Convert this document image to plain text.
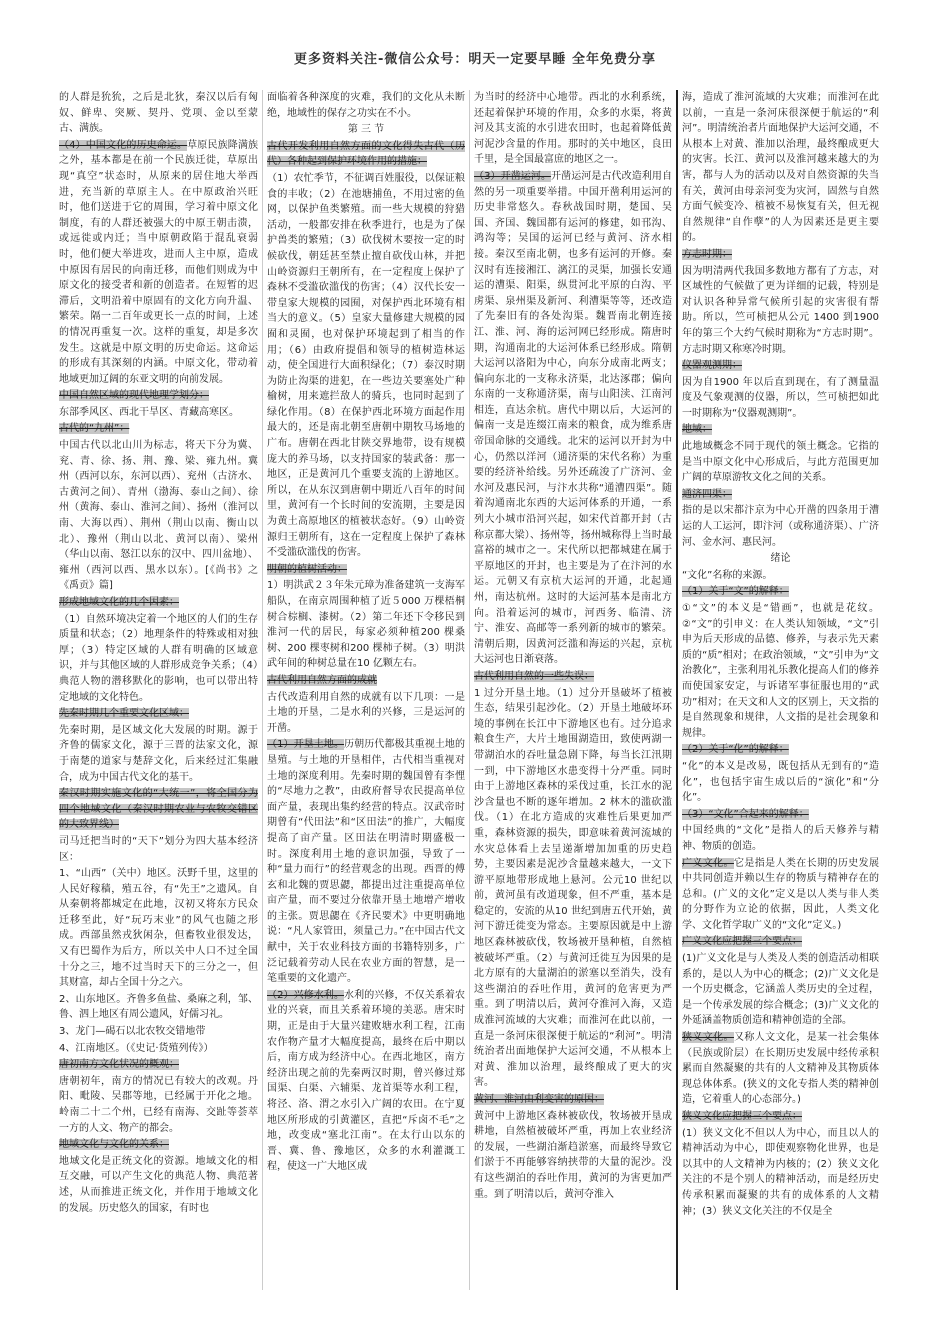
更多资料关注-微信公众号：明天一定要早睡 全年免费分享

的人群是狁狁，之后是北狄，秦汉以后有匈奴、鲜卑、突厥、契丹、党项、金以至蒙古、满族。

（4）中国文化的历史命运。草原民族降满族之外，基本都是在前一个民族迁徙，草原出现“真空”状态时，从原来的居住地大举西进，充当新的草原主人。在中原政治兴旺时，他们送进于它的周围，学习着中原文化制度，有的人群还被强大的中原王朝击溃，或远徙或内迁；当中原朝政陷于混乱衰弱时，他们便大举进攻，进而人主中原，造成中原因有居民的向南迁移，而他们则成为中原文化的接受者和新的创造者。在短暂的迟滞后，文明沿着中原固有的文化方向升温、繁荣。隔一二百年或更长一点的时间，上述的情况再重复一次。这样的重复，却是多次发生。这就是中原文明的历史命运。这命运的形成有其深刻的内涵。中原文化，带动着地域更加辽阔的东亚文明的向前发展。

中国自然区域的现代地理学划分：

东部季风区、西北干旱区、青藏高寒区。

古代的“九州”：

中国古代以北山川为标志，将天下分为冀、兖、青、徐、扬、荆、豫、梁、雍九州。冀州（西河以东，东河以西）、兖州（古济水、古黄河之间）、青州（渤海、泰山之间）、徐州（黄海、泰山、淮河之间）、扬州（淮河以南、大海以西）、荆州（荆山以南、衡山以北）、豫州（荆山以北、黄河以南）、梁州（华山以南、怒江以东的汉中、四川盆地）、雍州（西河以西、黑水以东）。[《尚书》之《禹贡》篇]

形成地域文化的几个因素：

（1）自然环境决定着一个地区的人们的生存质量和状态；（2）地理条件的特殊或相对独厚；（3）特定区域的人群有明确的区域意识，并与其他区域的人群形成竞争关系；（4）典范人物的潜移默化的影响，也可以带出特定地域的文化特色。

先秦时期几个重要文化区域：

先秦时期，是区域文化大发展的时期。源于齐鲁的儒家文化，源于三晋的法家文化，源于南楚的道家与楚辞文化，后来经过汇集融合，成为中国古代文化的基干。

秦汉时期实施文化的“大统一”，将全国分为四个地域文化（秦汉时期农业与农牧交错区的大致界线）

司马迁把当时的“天下”划分为四大基本经济区：

1、“山西”（关中）地区。沃野千里，这里的人民好稼穑，殖五谷，有“先王”之遗风。自从秦朝将都城定在此地，汉初又将东方民众迁移至此，好“玩巧末业”的风气也随之形成。西部虽然戎狄闲杂，但畜牧业很发达，又有巴蜀作为后方，所以关中人口不过全国十分之三，地不过当时天下的三分之一，但其财富，却占全国十分之六。

2、山东地区。齐鲁多鱼盐、桑麻之利，邹、鲁、泗上地区有周公遗风，好儒习礼。

3、龙门—碣石以北农牧交错地带

4、江南地区。（《史记·货殖列传》）

唐初南方文化状况的概观：

唐朝初年，南方的情况已有较大的改观。丹阳、毗陵、吴郡等地，已经属于开化之地。岭南二十二个州，已经有南海、交趾等荟萃一方的人文、物产的都会。

地域文化与文化的关系：

地域文化是正统文化的资源。地域文化的相互交融，可以产生文化的典范人物、典范著述，从而推进正统文化，并作用于地域文化的发展。历史悠久的国家，有时也

面临着各种深度的灾难，我们的文化从未断绝，地域性的保存之功实在不小。

第 三 节

古代开发利用自然方面的文化得失古代（历代）各种起到保护环境作用的措施：

（1）农忙季节，不征调百姓服役，以保证粮食的丰收；（2）在池塘捕鱼，不用过密的鱼网，以保护鱼类繁殖。而一些大规模的狩猎活动，一般都安排在秋季进行，也是为了保护兽类的繁殖；（3）砍伐树木要按一定的时候砍伐，朝廷甚至禁止擅自砍伐山林，并把山岭资源归王朝所有，在一定程度上保护了森林不受滥砍滥伐的伤害；（4）汉代长安一带皇家大规模的园囿，对保护西北环境有相当大的意义。（5）皇家大量修建大规模的园囿和灵囿，也对保护环境起到了相当的作用；（6）由政府提倡和领导的植树造林运动，使全国进行大面积绿化；（7）泰汉时期为防止沟渠的进犯，在一些边关要塞处广种榆树，用来遮拦敌人的骑兵，也同时起到了绿化作用。（8）在保护西北环境方面起作用最大的，还是南北朝至唐朝中期牧马场地的广布。唐朝在西北甘陕交界地带，设有规模庞大的养马场，以支持国家的装武备：那一地区，正是黄河几个重要支流的上游地区。所以，在从东汉到唐朝中期近八百年的时间里，黄河有一个长时间的安流期，主要是因为黄土高原地区的植被状态好。（9）山岭资源归王朝所有，这在一定程度上保护了森林不受滥砍滥伐的伤害。

明朝的植树活动：

1）明洪武２３年朱元璋为准备建筑一支海军船队，在南京周围种植了近５000 万棵梧桐树合棕榈、漆树。（2）第二年还下令移民到淮河一代的居民，每家必须种植200 棵桑树、200 棵枣树和200 棵柿子树。（3）明洪武年间的种树总量在10 亿颗左右。

古代利用自然方面的成就

古代改造利用自然的成就有以下几项：一是土地的开垦，二是水利的兴修，三是运河的开凿。

（1）开垦土地。历朝历代都极其重视土地的垦殖。与土地的开垦相伴，古代相当重视对土地的深度利用。先秦时期的魏国曾有李悝的“尽地力之教”，由政府督导农民提高单位面产量，表现出集约经营的特点。汉武帝时期曾有“代田法”和“区田法”的推广，大幅度提高了亩产量。区田法在明清时期盛极一时。深度利用土地的意识加强，导致了一种“量力而行”的经营观念的出现。西晋的傅玄和北魏的贾思勰，都提出过注重提高单位亩产量，而不要过分依靠开垦土地增产增收的主张。贾思勰在《齐民要术》中更明确地说：“凡人家管田，须量己力。”在中国古代文献中，关于农业科技方面的书籍特别多，广泛记载着劳动人民在农业方面的智慧，是一笔重要的文化遗产。

（2）兴修水利。水利的兴修，不仅关系着农业的兴衰，而且关系着环境的美恶。唐宋时期，正是由于大量兴建败塘水利工程，江南农作物产量才大幅度提高，最终在后中期以后，南方成为经济中心。在西北地区，南方经济出现之前的先秦两汉时期，曾兴修过郑国渠、白渠、六辅渠、龙首渠等水利工程，将泾、洛、渭之水引入广阔的农田。在宁夏地区所形成的引黄灌区，直把“斥卤不毛”之地，改变成“塞北江南”。在太行山以东的晋、冀、鲁、豫地区，众多的水利灌溉工程，使这一广大地区成

为当时的经济中心地带。西北的水利系统，还起着保护环境的作用，众多的水渠，将黄河及其支流的水引进农田时，也起着降低黄河泥沙含量的作用。那时的关中地区，良田千里，是全国最富庶的地区之一。

（3）开凿运河。开凿运河是古代改造利用自然的另一项重要举措。中国开凿利用运河的历史非常悠久。春秋战国时期，楚国、吴国、齐国、魏国都有运河的修建，如邗沟、鸿沟等；吴国的运河已经与黄河、济水相接。秦汉至南北朝，也多有运河的开修。秦汉时有连接湘江、漓江的灵渠，加强长安通运的漕渠、阳渠，纵贯河北平原的白沟、平虏渠、泉州渠及新河、利漕渠等等，还改造了先秦旧有的各处沟渠。魏晋南北朝连接江、淮、河、海的运河网已经形成。隋唐时期，沟通南北的大运河体系已经形成。隋朝大运河以洛阳为中心，向东分成南北两支；偏向东北的一支称永济渠，北达涿郡；偏向东南的一支称通济渠，南与山阳渎、江南河相连，直达余杭。唐代中期以后，大运河的偏南一支是连缀江南来的粮食，成为维系唐帝国命脉的交通线。北宋的运河以开封为中心，仍然以洋河（通济渠的宋代名称）为重要的经济补给线。另外还疏浚了广济河、金水河及惠民河，与汴水共称“通漕四渠”。随着沟通南北东西的大运河体系的开通，一系列大小城市沿河兴起，如宋代首都开封（古称京都大梁）、扬州等，扬州城称得上当时最富裕的城市之一。宋代所以把都城建在属于平原地区的开封，也主要是为了在汴河的水运。元朝又有京杭大运河的开通，北起通州，南达杭州。这时的大运河基本是南北方向。沿着运河的城市，河西务、临清、济宁、淮安、高邮等一系列新的城市的繁荣。清朝后期，因黄河泛滥和海运的兴起，京杭大运河也日渐衰落。

古代利用自然的一些失误：

1 过分开垦土地。（1）过分开垦破坏了植被生态，结果引起沙化。（2）开垦土地破坏环境的事例在长江中下游地区也有。过分追求粮食生产，大片土地围湖造田，致使两湖一带湖泊水的吞吐量急剧下降，每当长江汛期一到，中下游地区水患变得十分严重。同时由于上游地区森林的采伐过重，长江水的泥沙含量也不断的逐年增加。2 林木的滥砍滥伐。（1）在北方造成的灾难性后果更加严重，森林资源的损失，即意味着黄河流域的水灾总体看上去呈递渐增加加重的历史趋势，主要因素是泥沙含量越来越大，一文下游平原地带形成地上悬河。公元10 世纪以前，黄河虽有改道现象，但不严重，基本是稳定的，安流的从10 世纪到唐五代开始，黄河下游迁徙变为常态。主要原因就是中上游地区森林被砍伐，牧场被开垦种植，自然植被破坏严重。（2）与黄河迁徙互为因果的是北方原有的大量湖泊的淤塞以至消失，没有这些湖泊的吞吐作用，黄河的危害更为严重。到了明清以后，黄河夺淮河入海，又造成淮河流域的大灾难；而淮河在此以前，一直是一条河床很深便于航运的“利河”。明清统治者出面地保护大运河交通，不从根本上对黄、淮加以治理，最终酿成了更大的灾害。

黄河、淮河由利变害的原因：

黄河中上游地区森林被砍伐，牧场被开垦成耕地，自然植被破坏严重，再加上农业经济的发展，一些湖泊渐趋淤塞，而最终导致它们淤于不再能够容纳挟带的大量的泥沙。没有这些湖泊的吞吐作用，黄河的为害更加严重。到了明清以后，黄河夺淮入

海，造成了淮河流域的大灾难；而淮河在此以前，一直是一条河床很深便于航运的“利河”。明清统治者片面地保护大运河交通，不从根本上对黄、淮加以治理，最终酿成更大的灾害。长江、黄河以及淮河越来越大的为害，都与人为的活动以及对自然资源的失当有关，黄河由母亲河变为灾河，固然与自然方面气候变冷、植被不易恢复有关，但无视自然规律“自作孽”的人为因素还是更主要的。

方志时期：

因为明清两代我国多数地方都有了方志，对区域性的气候做了更为详细的记载，特别是对认识各种异常气候所引起的灾害很有帮助。所以，竺可桢把从公元 1400 到1900 年的第三个大约气候时期称为“方志时期”。方志时期又称寒冷时期。

仪器观测期：

因为自1900 年以后直到现在，有了测量温度及气象观测的仪器，所以，竺可桢把如此一时期称为“仪器观测期”。

地域：

此地域概念不同于现代的领土概念。它指的是当中原文化中心形成后，与此方范围更加广阔的草原游牧文化之间的关系。

通济四渠：

指的是以宋都汴京为中心开凿的四条用于漕运的人工运河，即汴河（或称通济渠）、广济河、金水河、惠民河。

绪论

“文化”名称的来源。

（1）关于“文”的解释：

①“文”的本义是“错画”，也就是花纹。②“文”的引申义：在人类认知领域，“文”引申为后天形成的品德、修养，与表示先天素质的“质”相对；在政治领域，“文”引申为“文治教化”，主张利用礼乐教化提高人们的修养而使国家安定，与诉诸军事征服也用的“武功”相对；在天文和人文的区别上，天文指的是自然现象和规律，人文指的是社会现象和规律。

（2）关于“化”的解释：

“化”的本义是改易，既包括从无到有的“造化”，也包括宇宙生成以后的“演化”和“分化”。

（3）“文化”合起来的解释：

中国经典的“文化”是指人的后天修养与精神、物质的创造。

广义文化。它是指是人类在长期的历史发展中共同创造并赖以生存的物质与精神存在的总和。(广义的文化”定义是以人类与非人类的分野作为立论的依据，因此，人类文化学、文化哲学取广义的“文化”定义。)

广义文化应把握三个要点：

(1)广义文化是与人类及人类的创造活动相联系的，是以人为中心的概念；(2)广义文化是一个历史概念，它涵盖人类历史的全过程，是一个传承发展的综合概念；(3)广义文化的外延涵盖物质创造和精神创造的全部。

狭义文化。又称人文文化，是某一社会集体（民族或阶层）在长期历史发展中经传承积累而自然凝聚的共有的人文精神及其物质体现总体体系。(狭义的文化专指人类的精神创造，它着重人的心态部分。)

狭义文化应把握三个要点：

(1）狭义文化不但以人为中心，而且以人的精神活动为中心，即使观察物化世界，也是以其中的人文精神为内核的；(2）狭义文化关注的不是个别人的精神活动，而是经历史传承积累而凝聚的共有的成体系的人文精神；(3）狭义文化关注的不仅是全
